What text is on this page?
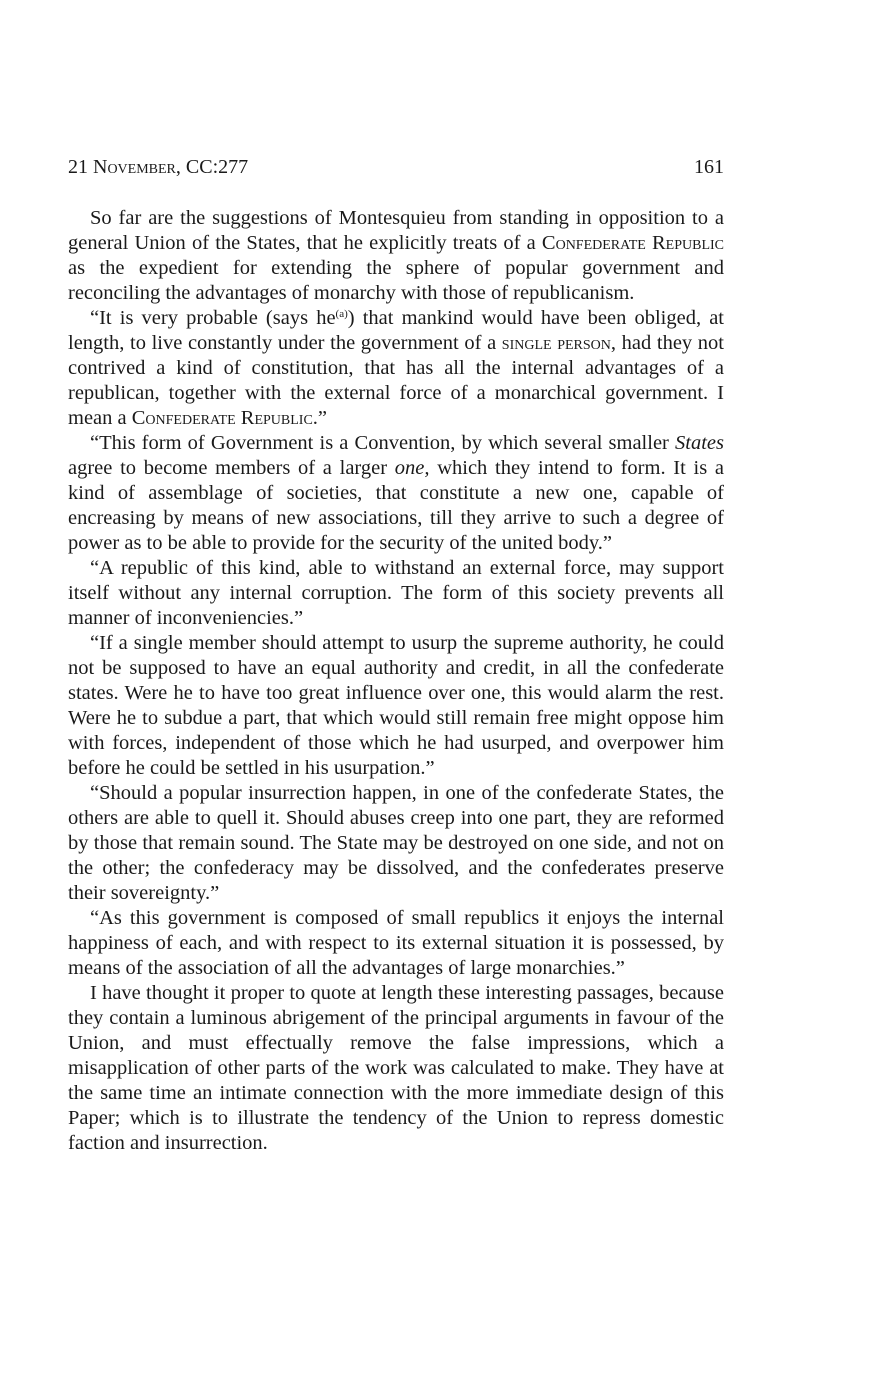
21 November, CC:277	161

So far are the suggestions of Montesquieu from standing in opposition to a general Union of the States, that he explicitly treats of a Confederate Republic as the expedient for extending the sphere of popular government and reconciling the advantages of monarchy with those of republicanism.

“It is very probable (says $he^{(a)}$) that mankind would have been obliged, at length, to live constantly under the government of a single person, had they not contrived a kind of constitution, that has all the internal advantages of a republican, together with the external force of a monarchical government. I mean a Confederate Republic.”

“This form of Government is a Convention, by which several smaller States agree to become members of a larger one, which they intend to form. It is a kind of assemblage of societies, that constitute a new one, capable of encreasing by means of new associations, till they arrive to such a degree of power as to be able to provide for the security of the united body.”

“A republic of this kind, able to withstand an external force, may support itself without any internal corruption. The form of this society prevents all manner of inconveniencies.”

“If a single member should attempt to usurp the supreme authority, he could not be supposed to have an equal authority and credit, in all the confederate states. Were he to have too great influence over one, this would alarm the rest. Were he to subdue a part, that which would still remain free might oppose him with forces, independent of those which he had usurped, and overpower him before he could be settled in his usurpation.”

“Should a popular insurrection happen, in one of the confederate States, the others are able to quell it. Should abuses creep into one part, they are reformed by those that remain sound. The State may be destroyed on one side, and not on the other; the confederacy may be dissolved, and the confederates preserve their sovereignty.”

“As this government is composed of small republics it enjoys the internal happiness of each, and with respect to its external situation it is possessed, by means of the association of all the advantages of large monarchies.”

I have thought it proper to quote at length these interesting passages, because they contain a luminous abrigement of the principal arguments in favour of the Union, and must effectually remove the false impressions, which a misapplication of other parts of the work was calculated to make. They have at the same time an intimate connection with the more immediate design of this Paper; which is to illustrate the tendency of the Union to repress domestic faction and insurrection.
